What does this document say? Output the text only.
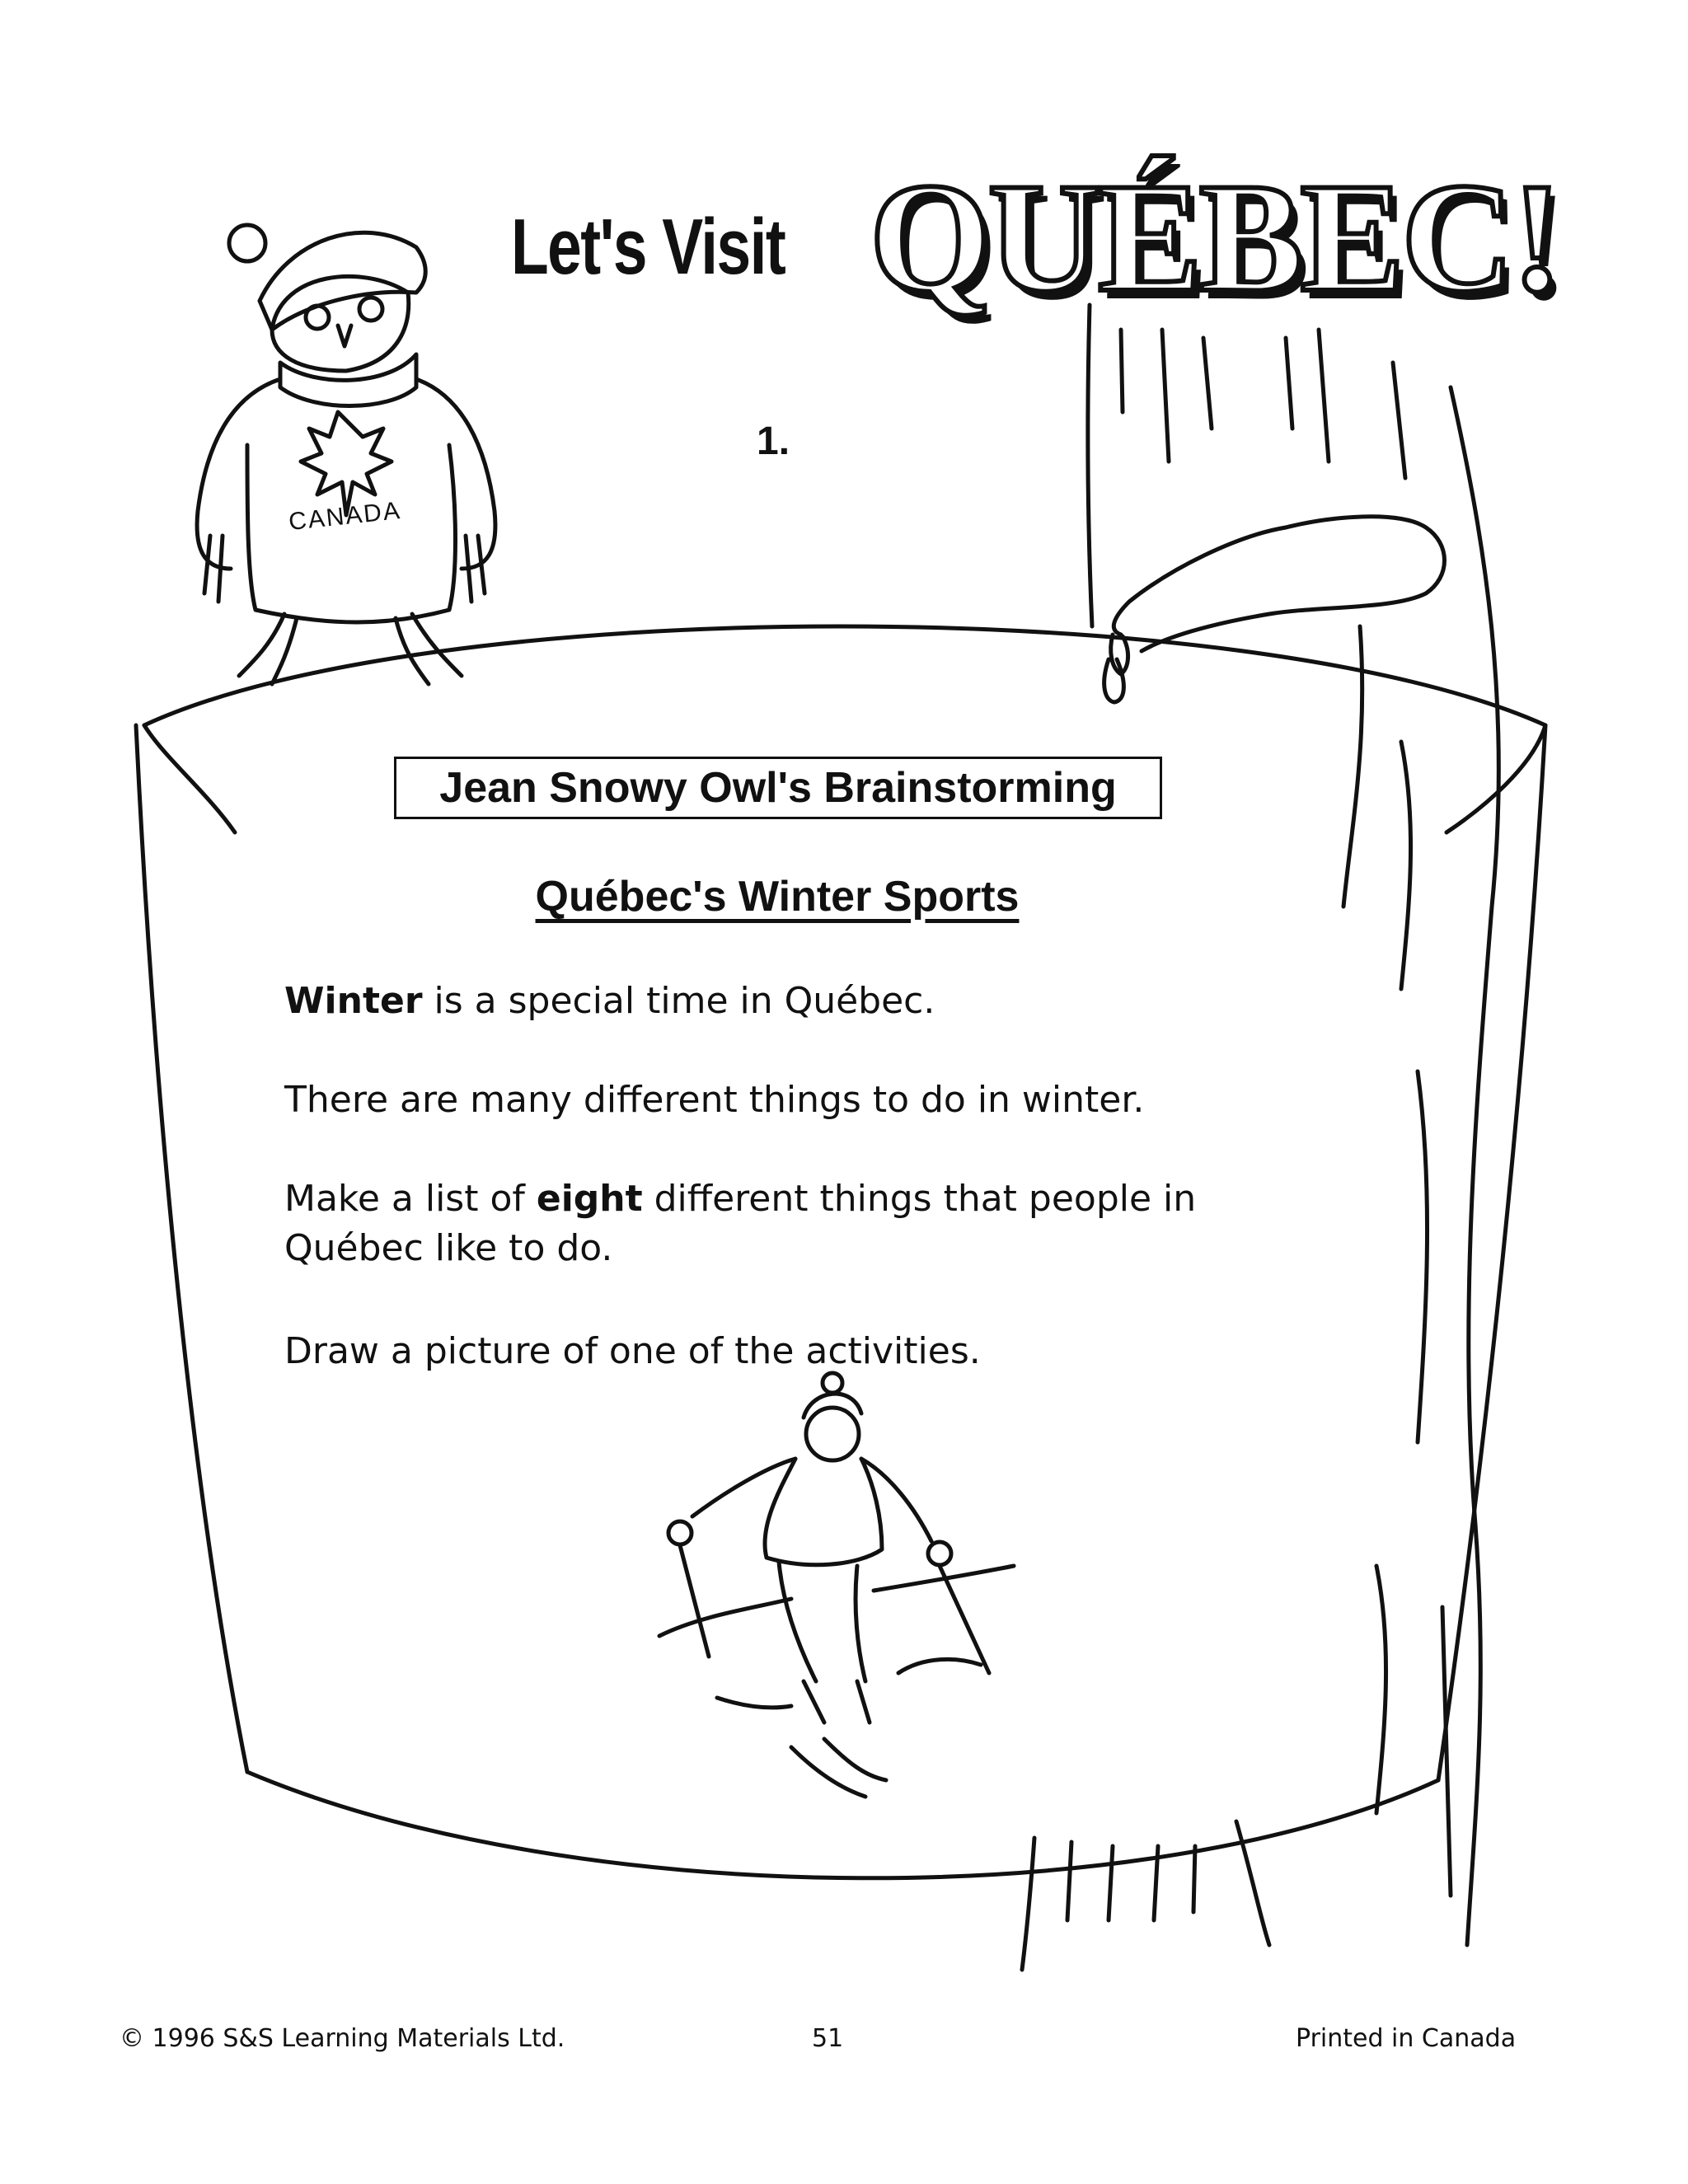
Let's Visit QUÉBEC!
1.
CANADA
Jean Snowy Owl's Brainstorming
Québec's Winter Sports
Winter is a special time in Québec.
There are many different things to do in winter.
Make a list of eight different things that people in Québec like to do.
Draw a picture of one of the activities.
© 1996 S&S Learning Materials Ltd.	51	Printed in Canada
